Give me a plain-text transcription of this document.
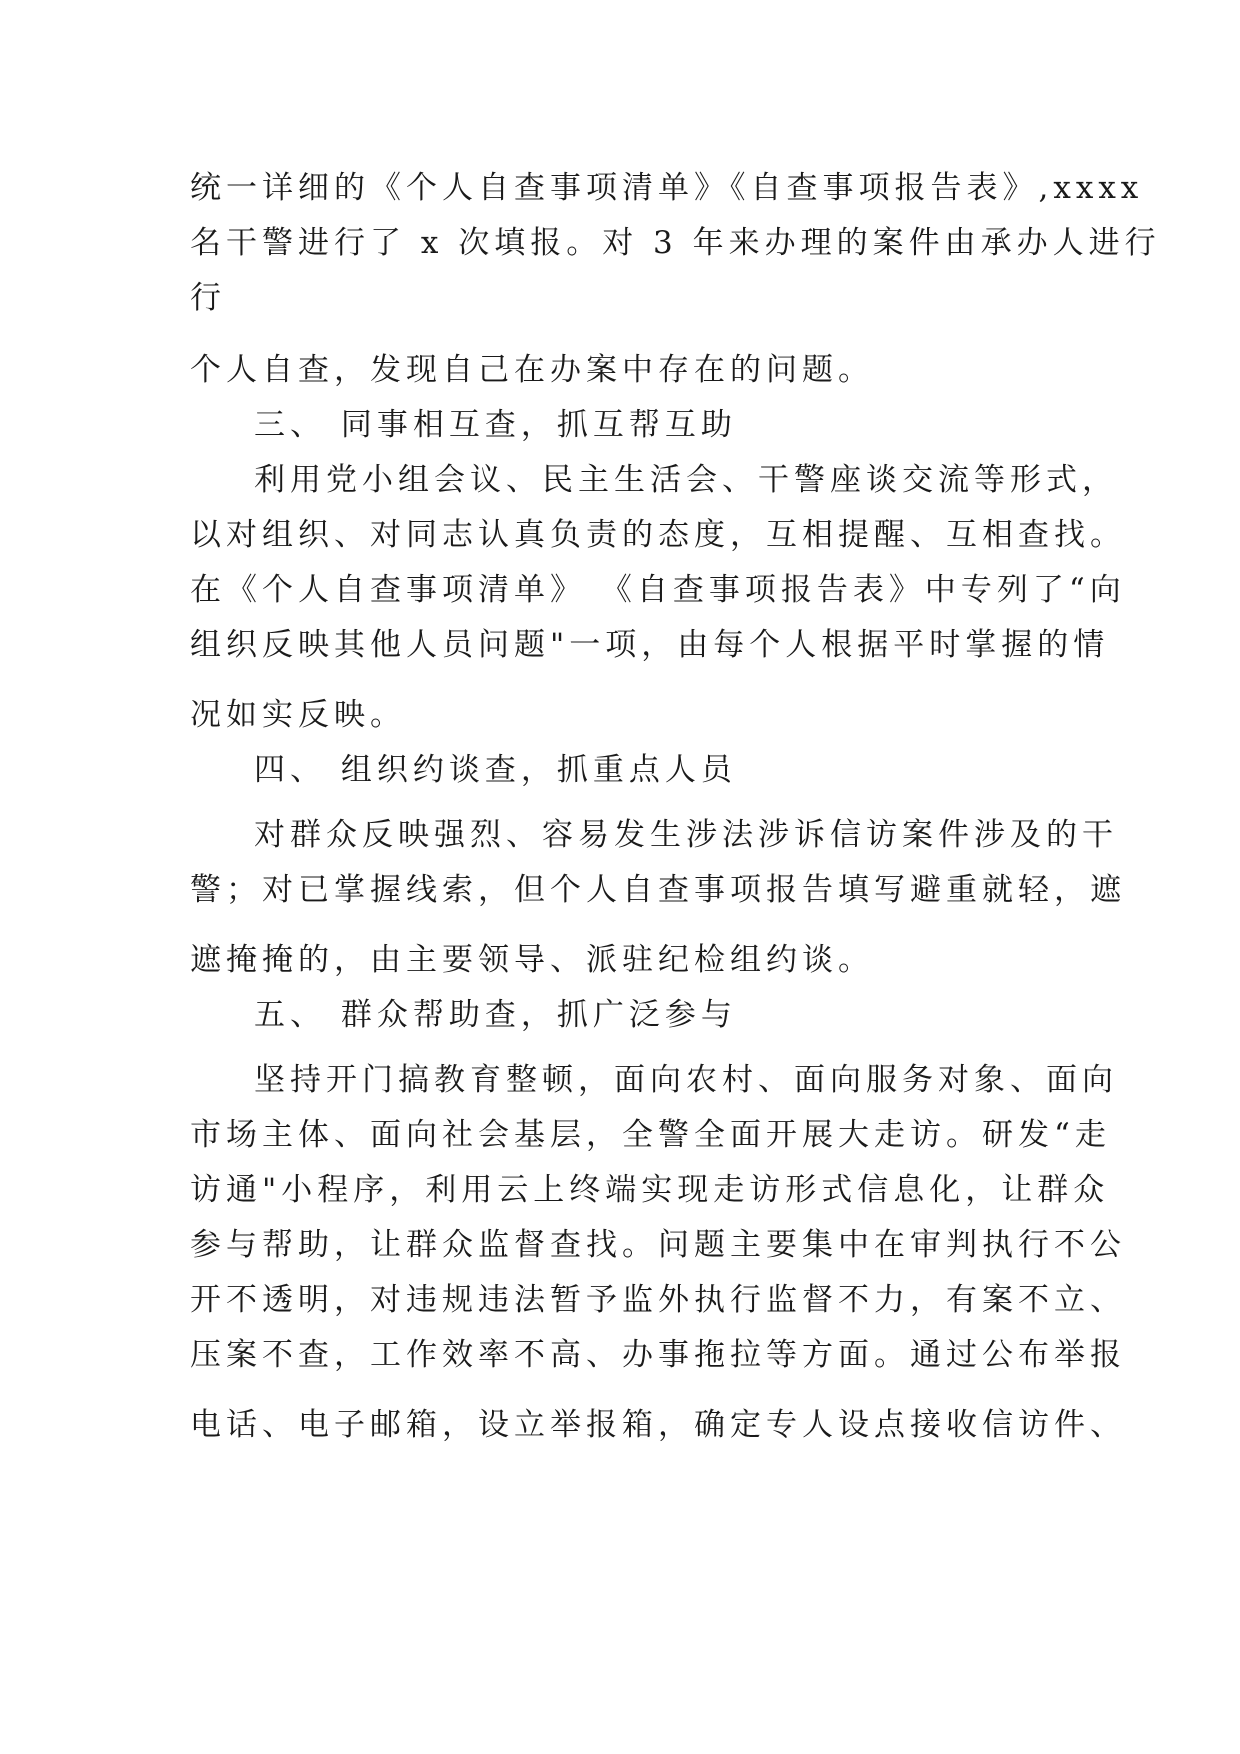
统一详细的《个人自查事项清单》《自查事项报告表》,xxxx
名干警进行了 x 次填报。对 3 年来办理的案件由承办人进行
行
个人自查，发现自己在办案中存在的问题。
三、 同事相互查，抓互帮互助
利用党小组会议、民主生活会、干警座谈交流等形式，
以对组织、对同志认真负责的态度，互相提醒、互相查找。
在《个人自查事项清单》 《自查事项报告表》中专列了“向
组织反映其他人员问题"一项，由每个人根据平时掌握的情
况如实反映。
四、 组织约谈查，抓重点人员
对群众反映强烈、容易发生涉法涉诉信访案件涉及的干
警；对已掌握线索，但个人自查事项报告填写避重就轻，遮
遮掩掩的，由主要领导、派驻纪检组约谈。
五、 群众帮助查，抓广泛参与
坚持开门搞教育整顿，面向农村、面向服务对象、面向
市场主体、面向社会基层，全警全面开展大走访。研发“走
访通"小程序，利用云上终端实现走访形式信息化，让群众
参与帮助，让群众监督查找。问题主要集中在审判执行不公
开不透明，对违规违法暂予监外执行监督不力，有案不立、
压案不查，工作效率不高、办事拖拉等方面。通过公布举报
电话、电子邮箱，设立举报箱，确定专人设点接收信访件、
